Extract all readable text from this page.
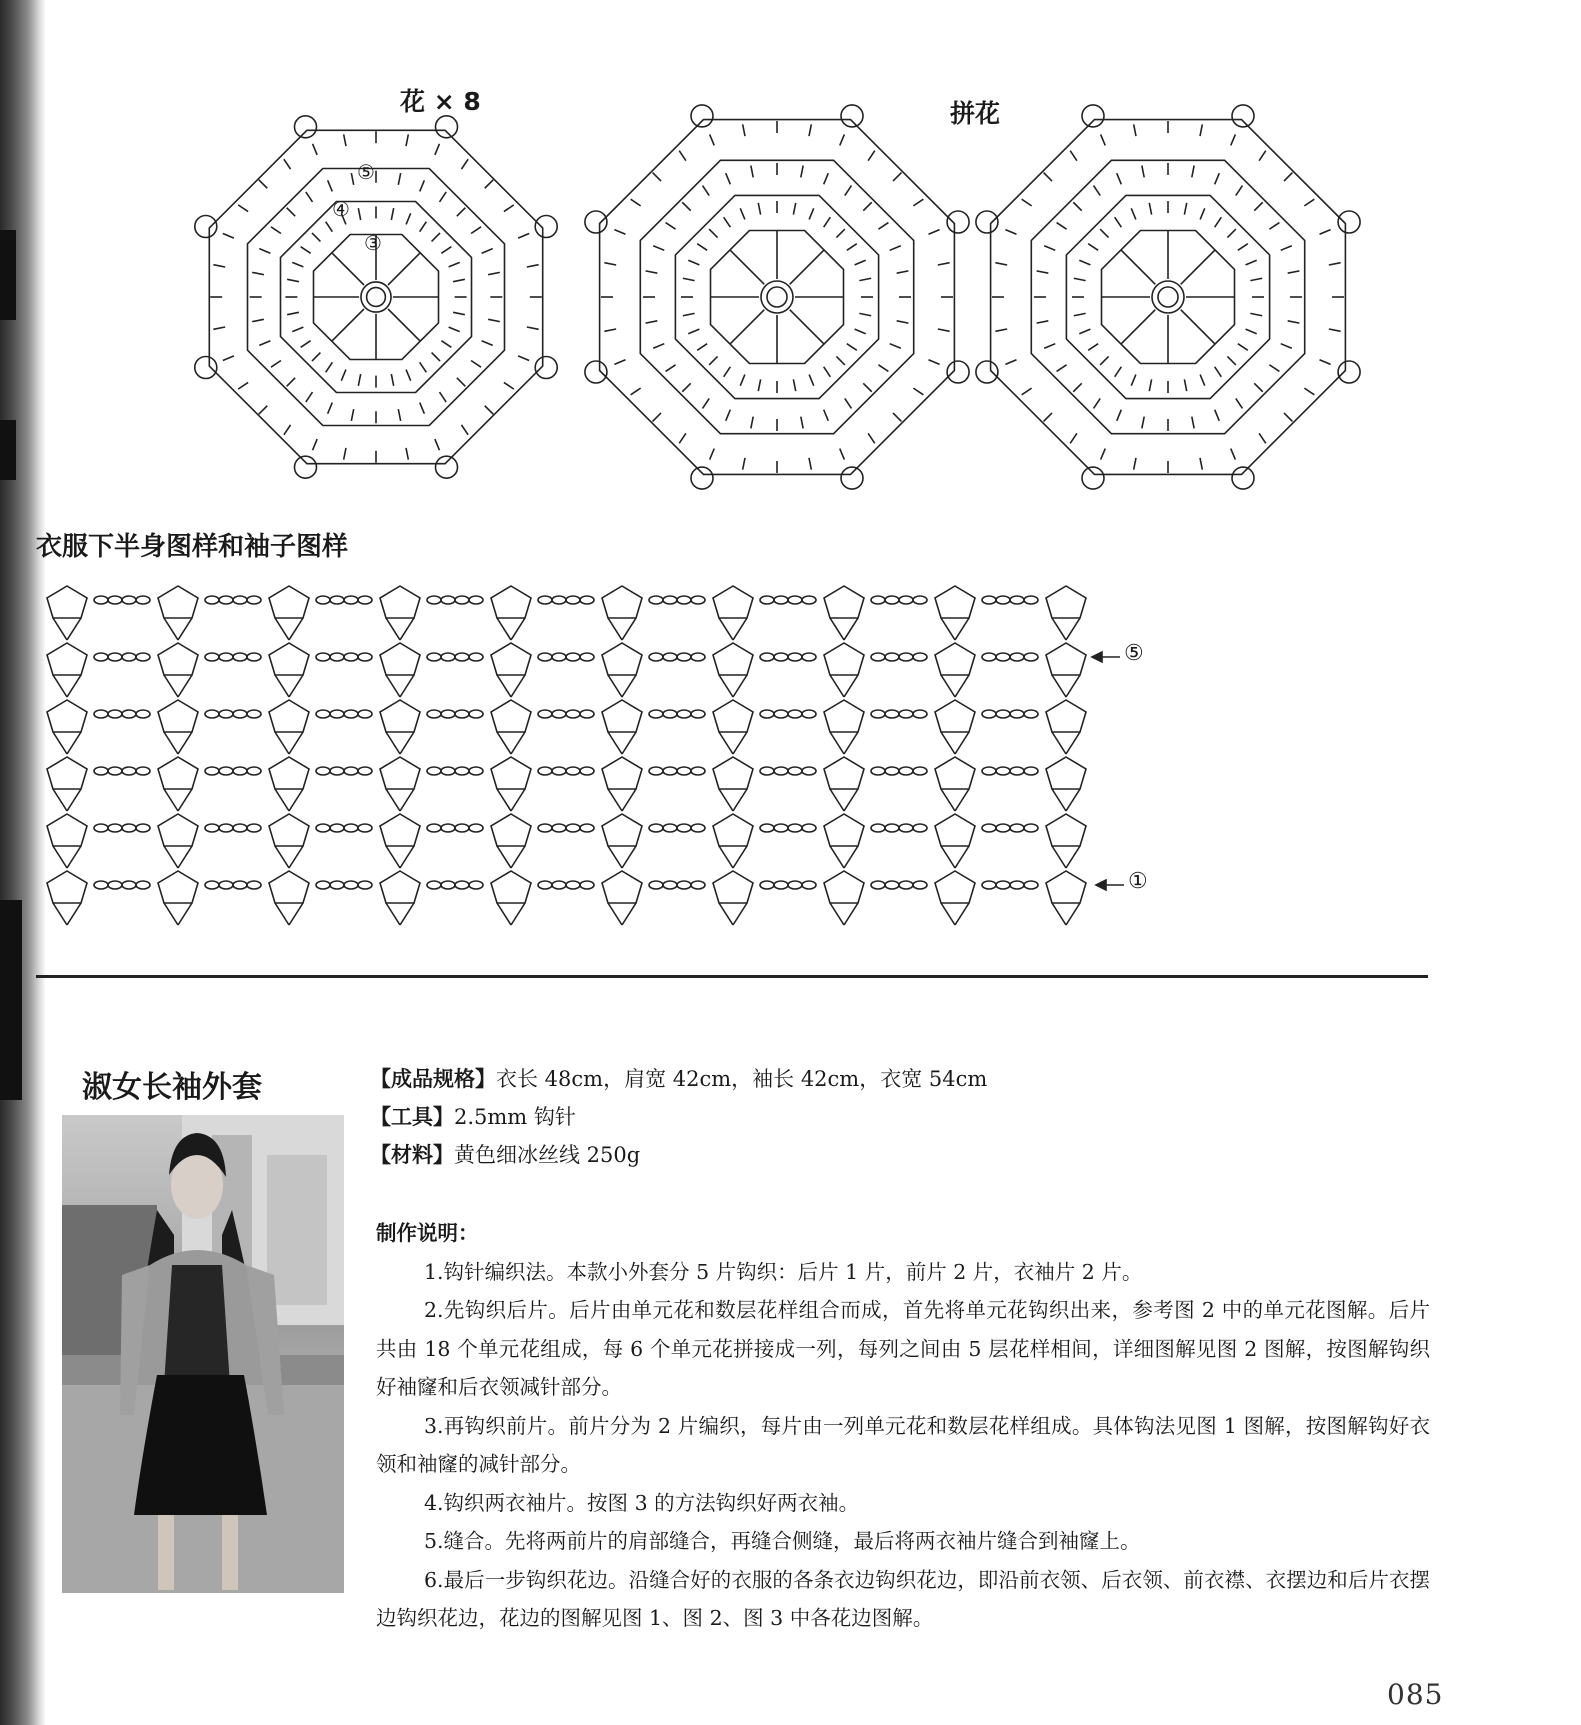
花 × 8	拼花
衣服下半身图样和袖子图样
⑤
④
③
⑤
①
淑女长袖外套	【成品规格】衣长 48cm，肩宽 42cm，袖长 42cm，衣宽 54cm
【工具】2.5mm 钩针
【材料】黄色细冰丝线 250g
制作说明：

1.钩针编织法。本款小外套分 5 片钩织：后片 1 片，前片 2 片，衣袖片 2 片。

2.先钩织后片。后片由单元花和数层花样组合而成，首先将单元花钩织出来，参考图 2 中的单元花图解。后片共由 18 个单元花组成，每 6 个单元花拼接成一列，每列之间由 5 层花样相间，详细图解见图 2 图解，按图解钩织好袖窿和后衣领减针部分。

3.再钩织前片。前片分为 2 片编织，每片由一列单元花和数层花样组成。具体钩法见图 1 图解，按图解钩好衣领和袖窿的减针部分。

4.钩织两衣袖片。按图 3 的方法钩织好两衣袖。

5.缝合。先将两前片的肩部缝合，再缝合侧缝，最后将两衣袖片缝合到袖窿上。

6.最后一步钩织花边。沿缝合好的衣服的各条衣边钩织花边，即沿前衣领、后衣领、前衣襟、衣摆边和后片衣摆边钩织花边，花边的图解见图 1、图 2、图 3 中各花边图解。

085
